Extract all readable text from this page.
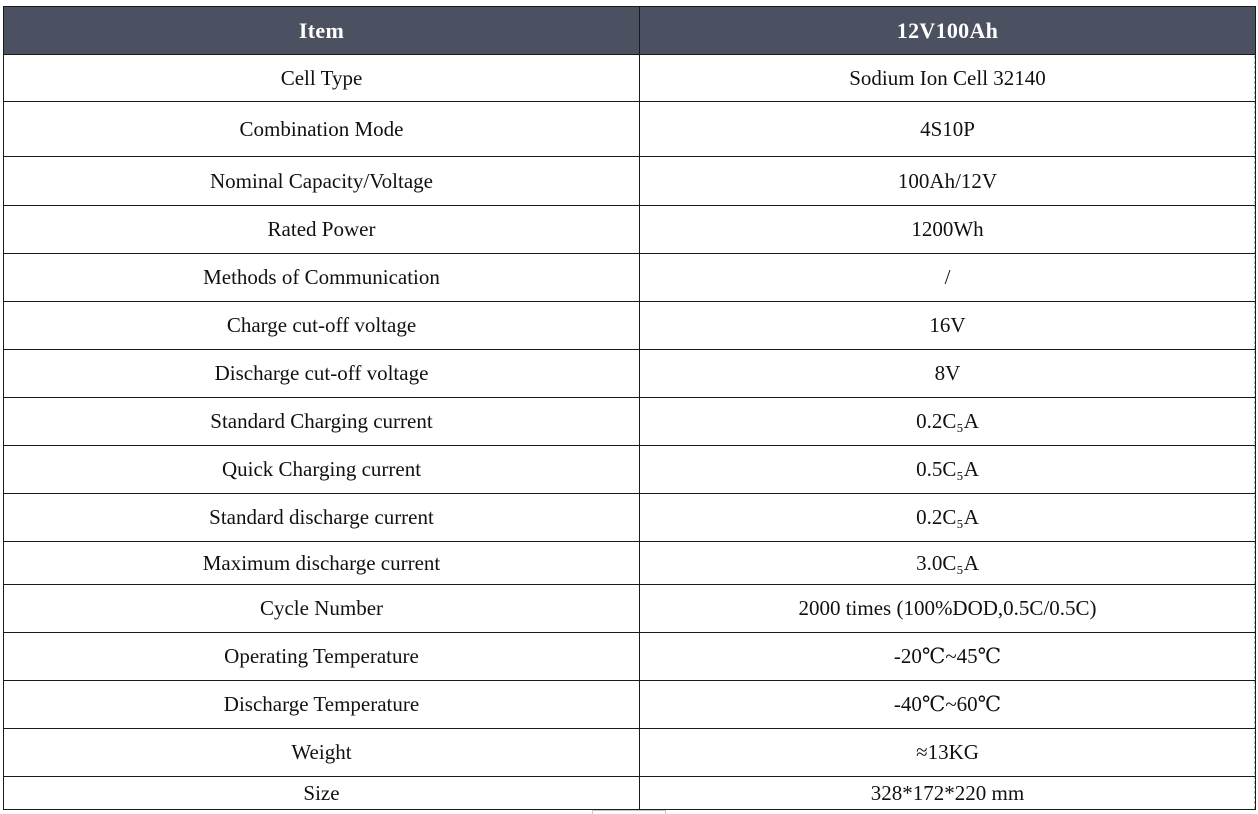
Item	12V100Ah
Cell Type	Sodium Ion Cell 32140
Combination Mode	4S10P
Nominal Capacity/Voltage	100Ah/12V
Rated Power	1200Wh
Methods of Communication	/
Charge cut-off voltage	16V
Discharge cut-off voltage	8V
Standard Charging current	0.2C₅A
Quick Charging current	0.5C₅A
Standard discharge current	0.2C₅A
Maximum discharge current	3.0C₅A
Cycle Number	2000 times (100%DOD,0.5C/0.5C)
Operating Temperature	-20℃~45℃
Discharge Temperature	-40℃~60℃
Weight	≈13KG
Size	328*172*220 mm
